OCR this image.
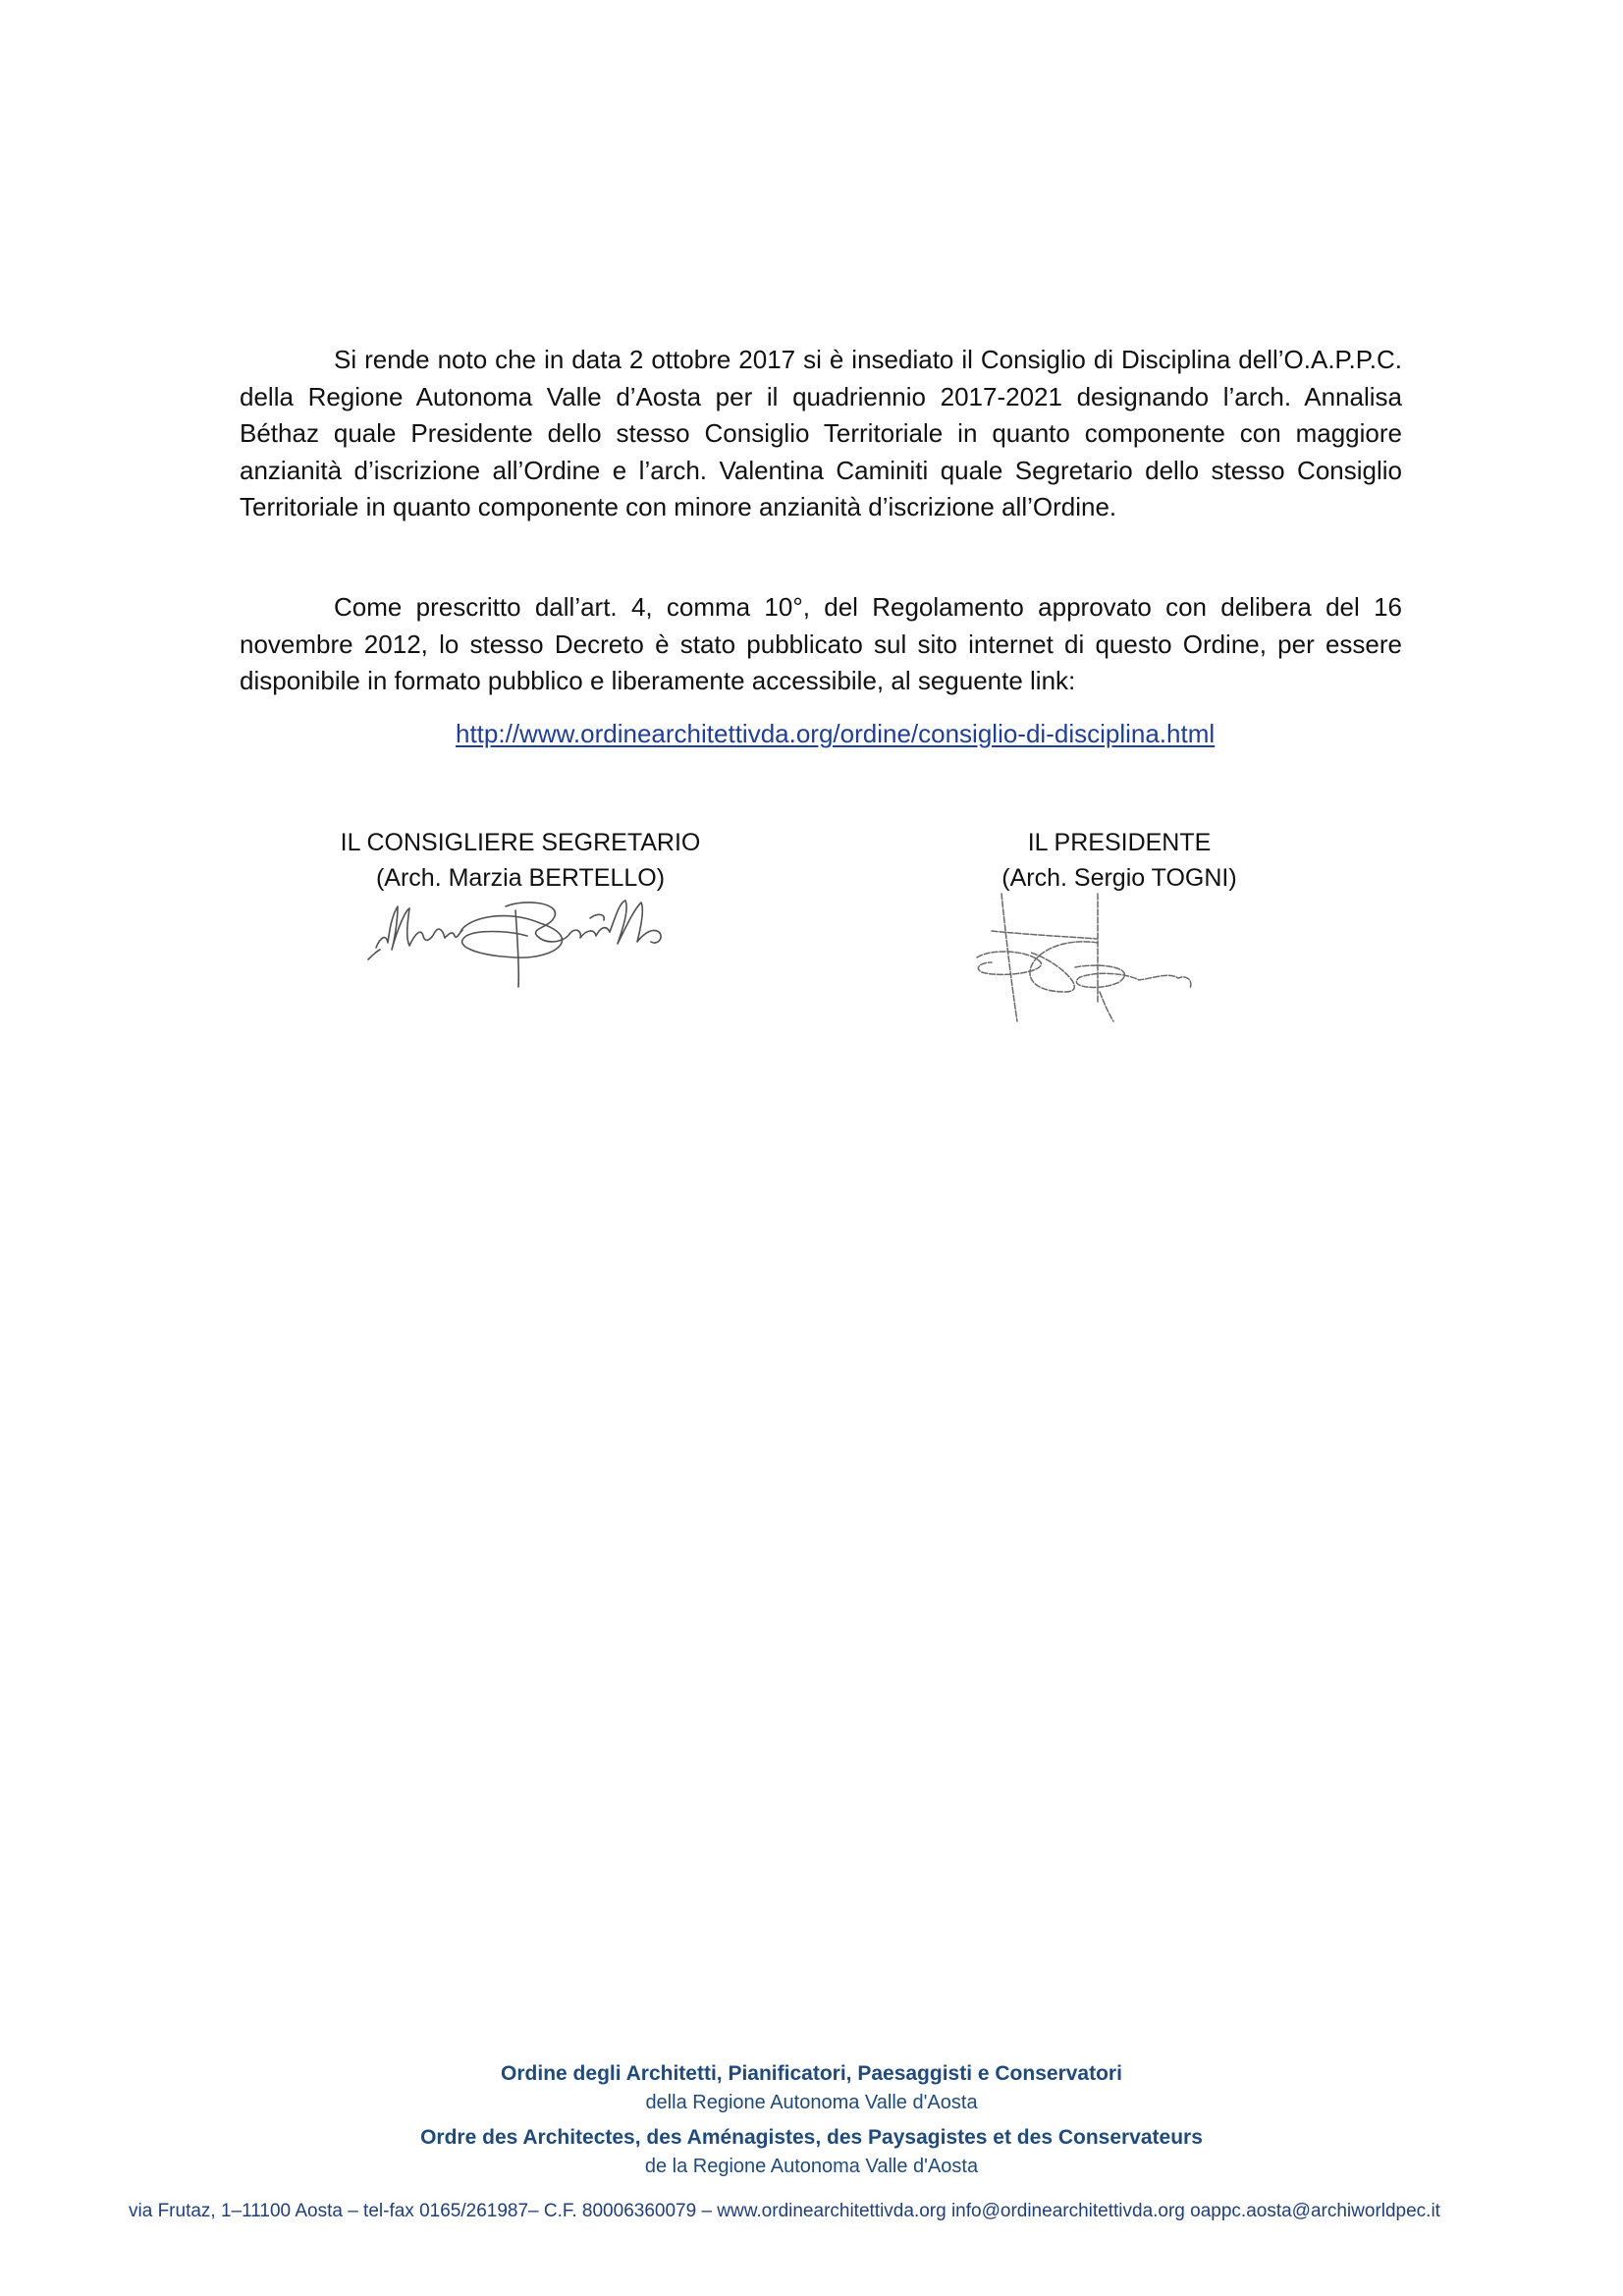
Si rende noto che in data 2 ottobre 2017 si è insediato il Consiglio di Disciplina dell’O.A.P.P.C. della Regione Autonoma Valle d’Aosta per il quadriennio 2017-2021 designando l’arch. Annalisa Béthaz quale Presidente dello stesso Consiglio Territoriale in quanto componente con maggiore anzianità d’iscrizione all’Ordine e l’arch. Valentina Caminiti quale Segretario dello stesso Consiglio Territoriale in quanto componente con minore anzianità d’iscrizione all’Ordine.

Come prescritto dall’art. 4, comma 10°, del Regolamento approvato con delibera del 16 novembre 2012, lo stesso Decreto è stato pubblicato sul sito internet di questo Ordine, per essere disponibile in formato pubblico e liberamente accessibile, al seguente link:

http://www.ordinearchitettivda.org/ordine/consiglio-di-disciplina.html
IL CONSIGLIERE SEGRETARIO
(Arch. Marzia BERTELLO)
IL PRESIDENTE
(Arch. Sergio TOGNI)
Ordine degli Architetti, Pianificatori, Paesaggisti e Conservatori
della Regione Autonoma Valle d'Aosta
Ordre des Architectes, des Aménagistes, des Paysagistes et des Conservateurs
de la Regione Autonoma Valle d'Aosta
via Frutaz, 1–11100 Aosta – tel-fax 0165/261987– C.F. 80006360079 – www.ordinearchitettivda.org info@ordinearchitettivda.org oappc.aosta@archiworldpec.it
